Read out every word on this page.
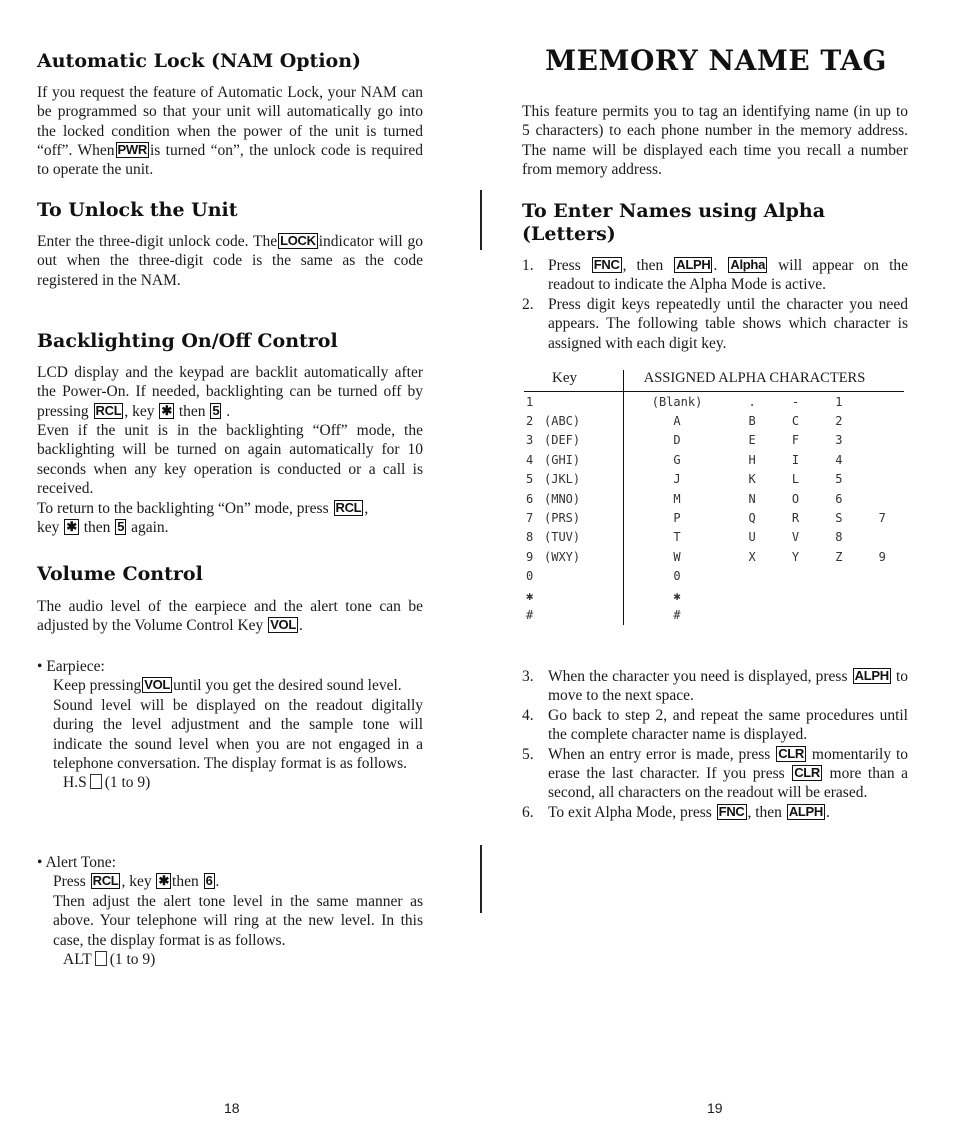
Automatic Lock (NAM Option)

If you request the feature of Automatic Lock, your NAM can be programmed so that your unit will automatically go into the locked condition when the power of the unit is turned “off”. When PWR is turned “on”, the unlock code is required to operate the unit.

To Unlock the Unit

Enter the three-digit unlock code. The LOCK indicator will go out when the three-digit code is the same as the code registered in the NAM.

Backlighting On/Off Control

LCD display and the keypad are backlit automatically after the Power-On. If needed, backlighting can be turned off by pressing RCL , key ✱ then 5 .

Even if the unit is in the backlighting “Off” mode, the backlighting will be turned on again automatically for 10 seconds when any key operation is conducted or a call is received.

To return to the backlighting “On” mode, press RCL ,
key ✱ then 5 again.

Volume Control

The audio level of the earpiece and the alert tone can be adjusted by the Volume Control Key VOL .

• Earpiece:

Keep pressing VOL until you get the desired sound level.

Sound level will be displayed on the readout digitally during the level adjustment and the sample tone will indicate the sound level when you are not engaged in a telephone conversation. The display format is as follows.

H.S (1 to 9)

• Alert Tone:

Press RCL , key ✱ then 6 .

Then adjust the alert tone level in the same manner as above. Your telephone will ring at the new level. In this case, the display format is as follows.

ALT (1 to 9)

18
MEMORY NAME TAG

This feature permits you to tag an identifying name (in up to 5 characters) to each phone number in the memory address. The name will be displayed each time you recall a number from memory address.

To Enter Names using Alpha (Letters)
1. Press FNC , then ALPH . Alpha will appear on the readout to indicate the Alpha Mode is active.
2. Press digit keys repeatedly until the character you need appears. The following table shows which character is assigned with each digit key.
Key	ASSIGNED ALPHA CHARACTERS				
1	(Blank)	.	-	1	
2 (ABC)	A	B	C	2	
3 (DEF)	D	E	F	3	
4 (GHI)	G	H	I	4	
5 (JKL)	J	K	L	5	
6 (MNO)	M	N	O	6	
7 (PRS)	P	Q	R	S	7
8 (TUV)	T	U	V	8	
9 (WXY)	W	X	Y	Z	9
0	0				
✱	✱				
#	#				
3. When the character you need is displayed, press ALPH to move to the next space.
4. Go back to step 2, and repeat the same procedures until the complete character name is displayed.
5. When an entry error is made, press CLR momentarily to erase the last character. If you press CLR more than a second, all characters on the readout will be erased.
6. To exit Alpha Mode, press FNC , then ALPH .
19
